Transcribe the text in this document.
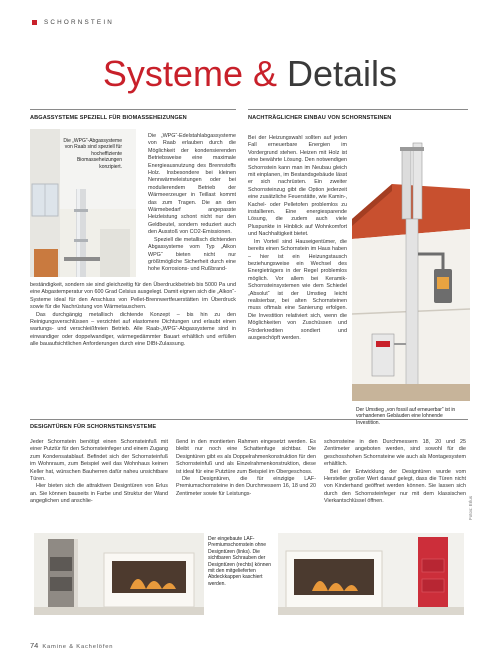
SCHORNSTEIN
Systeme & Details
ABGASSYSTEME SPEZIELL FÜR BIOMASSEHEIZUNGEN
Die „WPG“-Abgassysteme von Raab sind speziell für hocheffiziente Biomasseheizungen konzipiert.

Die „WPG“-Edelstahlabgassysteme von Raab erlauben durch die Möglichkeit der kondensierenden Betriebsweise eine maximale Energieausnutzung des Brennstoffs Holz. Insbesondere bei kleinen Nennwärmeleistungen oder bei modulierendem Betrieb der Wärmeerzeuger in Teillast kommt das zum Tragen. Die an den Wärmebedarf angepasste Heizleistung schont nicht nur den Geldbeutel, sondern reduziert auch den Ausstoß von CO2-Emissionen.

Speziell die metallisch dichtenden Abgassysteme vom Typ „Alkon WPG“ bieten nicht nur größtmögliche Sicherheit durch eine hohe Korrosions- und Rußbrand-

beständigkeit, sondern sie sind gleichzeitig für den Überdruckbetrieb bis 5000 Pa und eine Abgastemperatur von 600 Grad Celsius ausgelegt. Damit eignen sich die „Alkon“-Systeme ideal für den Anschluss von Pellet-Brennwertfeuerstätten im Überdruck sowie für die Nachrüstung von Wärmetauschern.

Das durchgängig metallisch dichtende Konzept – bis hin zu den Reinigungsverschlüssen – verzichtet auf elastomere Dichtungen und erlaubt einen wartungs- und verschleißfreien Betrieb. Alle Raab-„WPG“-Abgassysteme sind in einwandiger oder doppelwandiger, wärmegedämmter Bauart erhältlich und erfüllen alle bauaufsichtlichen Anforderungen durch eine DIBt-Zulassung.

NACHTRÄGLICHER EINBAU VON SCHORNSTEINEN

Bei der Heizungswahl sollten auf jeden Fall erneuerbare Energien im Vordergrund stehen. Heizen mit Holz ist eine bewährte Lösung. Den notwendigen Schornstein kann man im Neubau gleich mit einplanen, im Bestandsgebäude lässt er sich nachrüsten. Ein zweiter Schornsteinzug gibt die Option jederzeit eine zusätzliche Feuerstätte, wie Kamin-, Kachel- oder Pelletofen problemlos zu installieren. Eine energiesparende Lösung, die zudem auch viele Pluspunkte in Hinblick auf Wohnkomfort und Nachhaltigkeit bietet.

Im Vorteil sind Hauseigentümer, die bereits einen Schornstein im Haus haben – hier ist ein Heizungstausch beziehungsweise ein Wechsel des Energieträgers in der Regel problemlos möglich. Vor allem bei Keramik-Schornsteinsystemen wie dem Schiedel „Absolut“ ist der Umstieg leicht realisierbar, bei alten Schornsteinen muss oftmals eine Sanierung erfolgen. Die Investition relativiert sich, wenn die Möglichkeiten von Zuschüssen und Förderkrediten sondiert und ausgeschöpft werden.

Der Umstieg „von fossil auf erneuerbar“ ist in vorhandenen Gebäuden eine lohnende Investition.
DESIGNTÜREN FÜR SCHORNSTEINSYSTEME

Jeder Schornstein benötigt einen Schornsteinfuß mit einer Putztür für den Schornsteinfeger und einem Zugang zum Kondensatablauf. Befindet sich der Schornsteinfuß im Wohnraum, zum Beispiel weil das Wohnhaus keinen Keller hat, wünschen Bauherren dafür naheu unsichtbare Türen.

Hier bieten sich die attraktiven Designtüren von Erlus an. Sie können bauseits in Farbe und Struktur der Wand angeglichen und anschlie-

ßend in den montierten Rahmen eingesetzt werden. Es bleibt nur noch eine Schattenfuge sichtbar. Die Designtüren gibt es als Doppelrahmenkonstruktion für den Schornsteinfuß und als Einzelrahmenkonstruktion, diese ist ideal für eine Putztüre zum Beispiel im Obergeschoss.

Die Designtüren, die für einzigige LAF-Premiumschornsteine in den Durchmessern 16, 18 und 20 Zentimeter sowie für Leistungs-

schornsteine in den Durchmessern 18, 20 und 25 Zentimeter angeboten werden, sind sowohl für die geschosshohen Schornsteine wie auch als Montagesystem erhältlich.

Bei der Entwicklung der Designtüren wurde vom Hersteller großer Wert darauf gelegt, dass die Türen nicht von Kinderhand geöffnet werden können. Sie lassen sich durch den Schornsteinfeger nur mit dem klassischen Vierkantschlüssel öffnen.

Der eingebaute LAF-Premiumschornstein ohne Designtüren (links). Die sichtbaren Schrauben der Designtüren (rechts) können mit den mitgelieferten Abdeckkappen kaschiert werden.
Fotos: Erlus
74 Kamine & Kachelöfen
